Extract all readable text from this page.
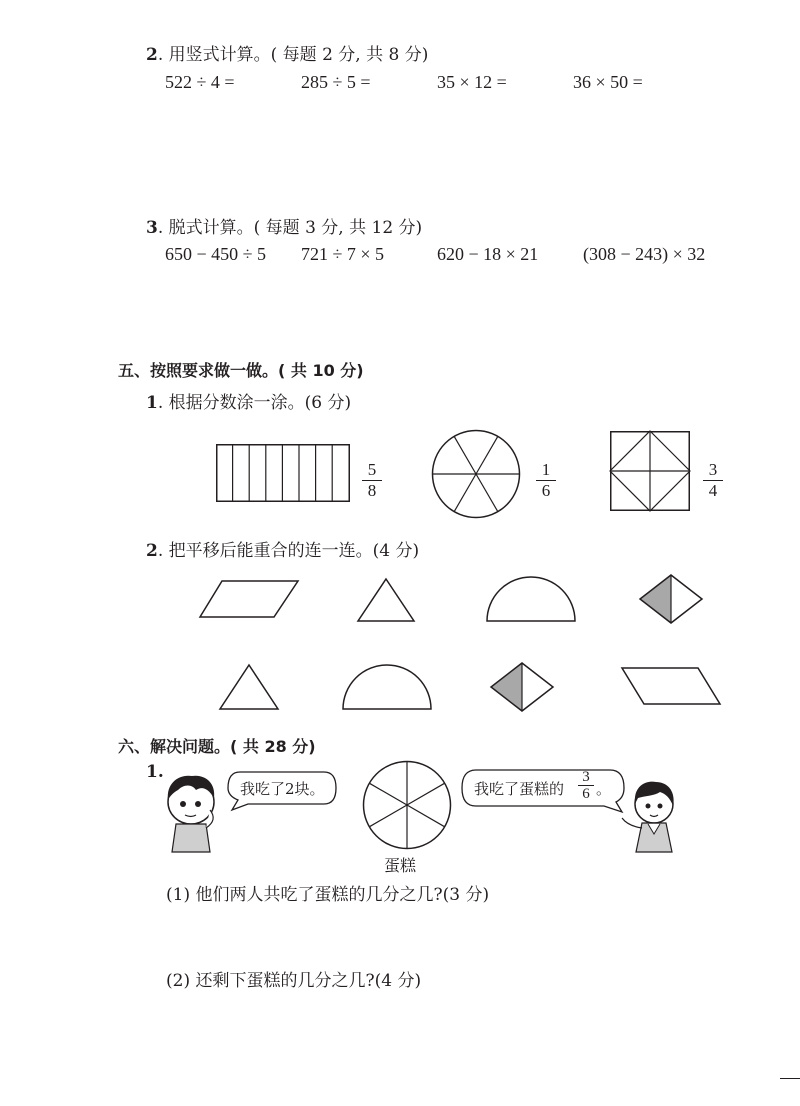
2. 用竖式计算。( 每题 2 分, 共 8 分)
522 ÷ 4 =	285 ÷ 5 =	35 × 12 =	36 × 50 =
3. 脱式计算。( 每题 3 分, 共 12 分)
650 − 450 ÷ 5 721 ÷ 7 × 5	620 − 18 × 21 (308 − 243) × 32
五、按照要求做一做。( 共 10 分)
1. 根据分数涂一涂。(6 分)
5
8
1
6
3
4
2. 把平移后能重合的连一连。(4 分)
六、解决问题。( 共 28 分)
1.
我吃了2块。
蛋糕
我吃了蛋糕的
3
6 。
(1) 他们两人共吃了蛋糕的几分之几?(3 分)
(2) 还剩下蛋糕的几分之几?(4 分)
